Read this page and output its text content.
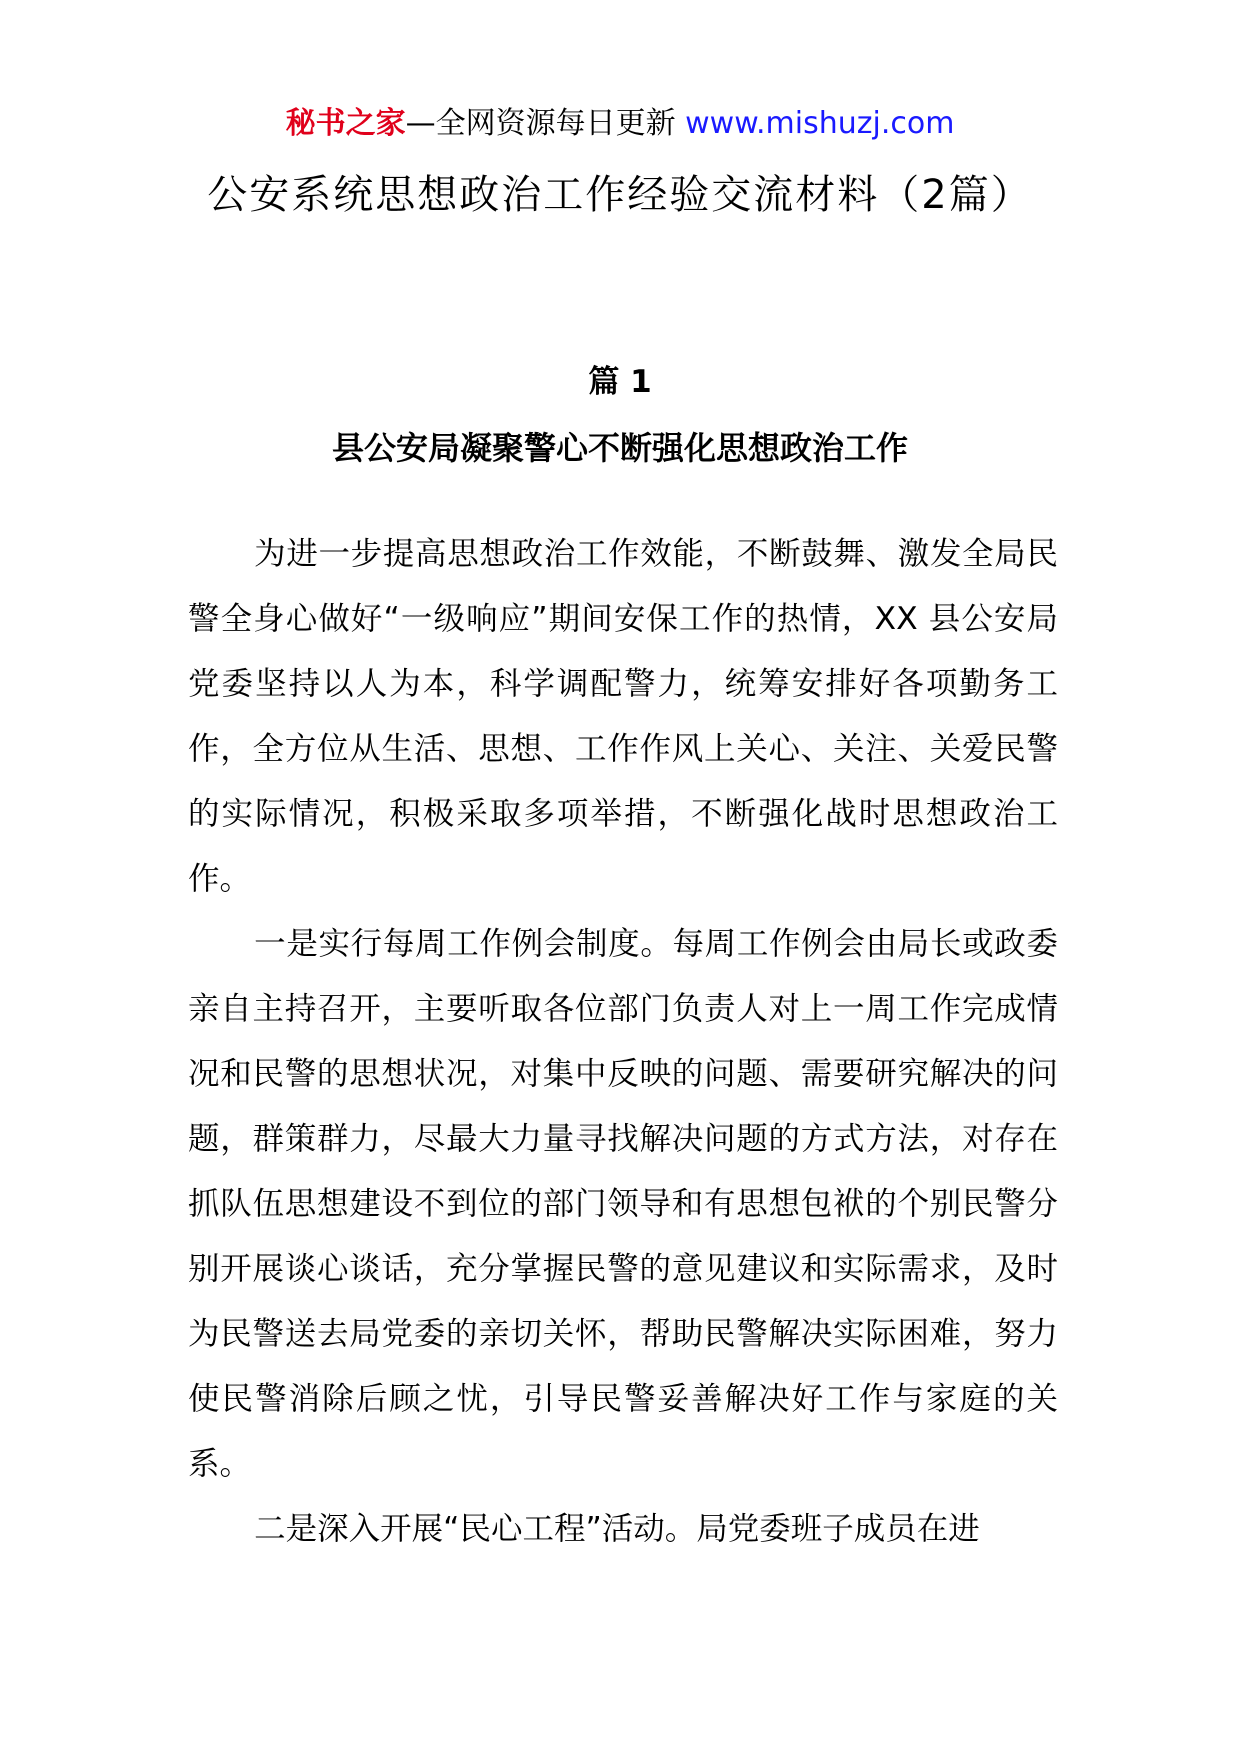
秘书之家—全网资源每日更新 www.mishuzj.com
公安系统思想政治工作经验交流材料（2篇）
篇 1
县公安局凝聚警心不断强化思想政治工作

为进一步提高思想政治工作效能，不断鼓舞、激发全局民警全身心做好“一级响应”期间安保工作的热情，XX 县公安局党委坚持以人为本，科学调配警力，统筹安排好各项勤务工作，全方位从生活、思想、工作作风上关心、关注、关爱民警的实际情况，积极采取多项举措，不断强化战时思想政治工作。

一是实行每周工作例会制度。每周工作例会由局长或政委亲自主持召开，主要听取各位部门负责人对上一周工作完成情况和民警的思想状况，对集中反映的问题、需要研究解决的问题，群策群力，尽最大力量寻找解决问题的方式方法，对存在抓队伍思想建设不到位的部门领导和有思想包袱的个别民警分别开展谈心谈话，充分掌握民警的意见建议和实际需求，及时为民警送去局党委的亲切关怀，帮助民警解决实际困难，努力使民警消除后顾之忧，引导民警妥善解决好工作与家庭的关系。

二是深入开展“民心工程”活动。局党委班子成员在进
